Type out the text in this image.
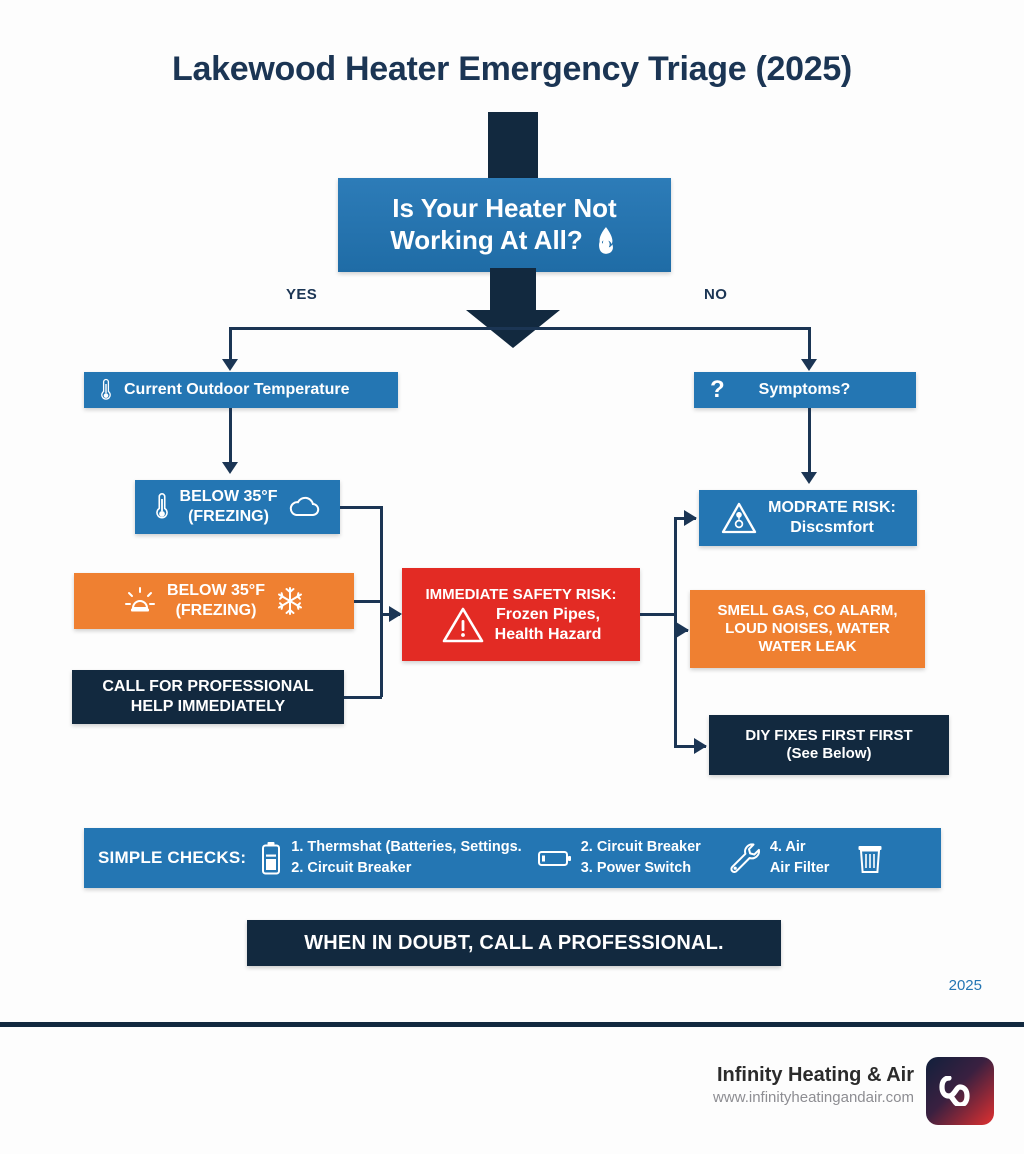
Lakewood Heater Emergency Triage (2025)
Is Your Heater Not
Working At All?
YES	NO
Current Outdoor Temperature
BELOW 35°F
(FREZING)
BELOW 35°F
(FREZING)
CALL FOR PROFESSIONAL
HELP IMMEDIATELY
IMMEDIATE SAFETY RISK:
Frozen Pipes,
Health Hazard
? Symptoms?
MODRATE RISK:
Discsmfort
SMELL GAS, CO ALARM,
LOUD NOISES, WATER
WATER LEAK
DIY FIXES FIRST FIRST
(See Below)
SIMPLE CHECKS:
1. Thermshat (Batteries, Settings.
2. Circuit Breaker
2. Circuit Breaker
3. Power Switch
4. Air
Air Filter
WHEN IN DOUBT, CALL A PROFESSIONAL.
2025
Infinity Heating & Air
www.infinityheatingandair.com
